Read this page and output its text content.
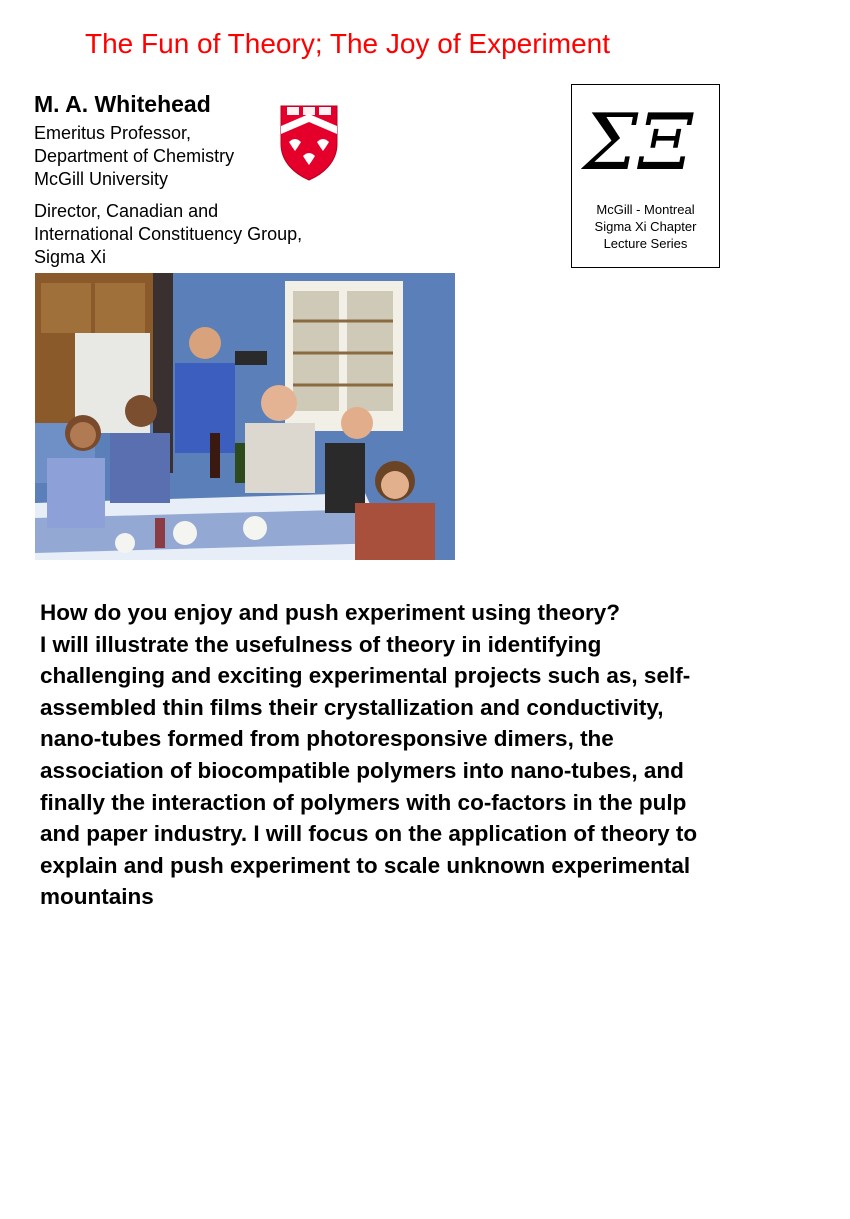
The Fun of Theory; The Joy of Experiment
M. A. Whitehead
Emeritus Professor,
Department of Chemistry
McGill University
Director, Canadian and
International Constituency Group,
Sigma Xi
ΣΞ
McGill - Montreal
Sigma Xi Chapter
Lecture Series
How do you enjoy and push experiment using theory?
I will illustrate the usefulness of theory in identifying
challenging and exciting experimental projects such as, self-
assembled thin films their crystallization and conductivity,
nano-tubes formed from photoresponsive dimers, the
association of biocompatible polymers into nano-tubes, and
finally the interaction of polymers with co-factors in the pulp
and paper industry. I will focus on the application of theory to
explain and push experiment to scale unknown experimental
mountains
